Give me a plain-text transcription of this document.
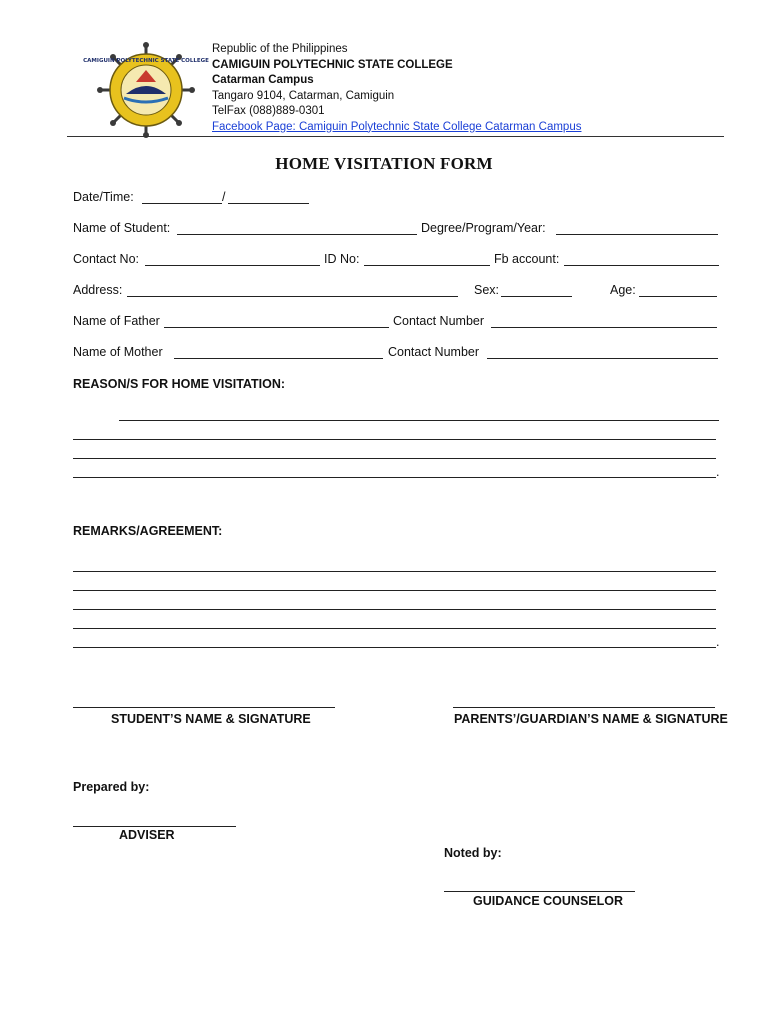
CAMIGUIN POLYTECHNIC STATE COLLEGE
Republic of the Philippines
CAMIGUIN POLYTECHNIC STATE COLLEGE
Catarman Campus
Tangaro 9104, Catarman, Camiguin
TelFax (088)889-0301
Facebook Page: Camiguin Polytechnic State College Catarman Campus
HOME VISITATION FORM
Date/Time:	/
Name of Student:	Degree/Program/Year:
Contact No:	ID No:	Fb account:
Address:	Sex:	Age:
Name of Father	Contact Number
Name of Mother	Contact Number
REASON/S FOR HOME VISITATION:
.
REMARKS/AGREEMENT:
.
STUDENT’S NAME & SIGNATURE	PARENTS’/GUARDIAN’S NAME & SIGNATURE
Prepared by:
ADVISER
Noted by:
GUIDANCE COUNSELOR
